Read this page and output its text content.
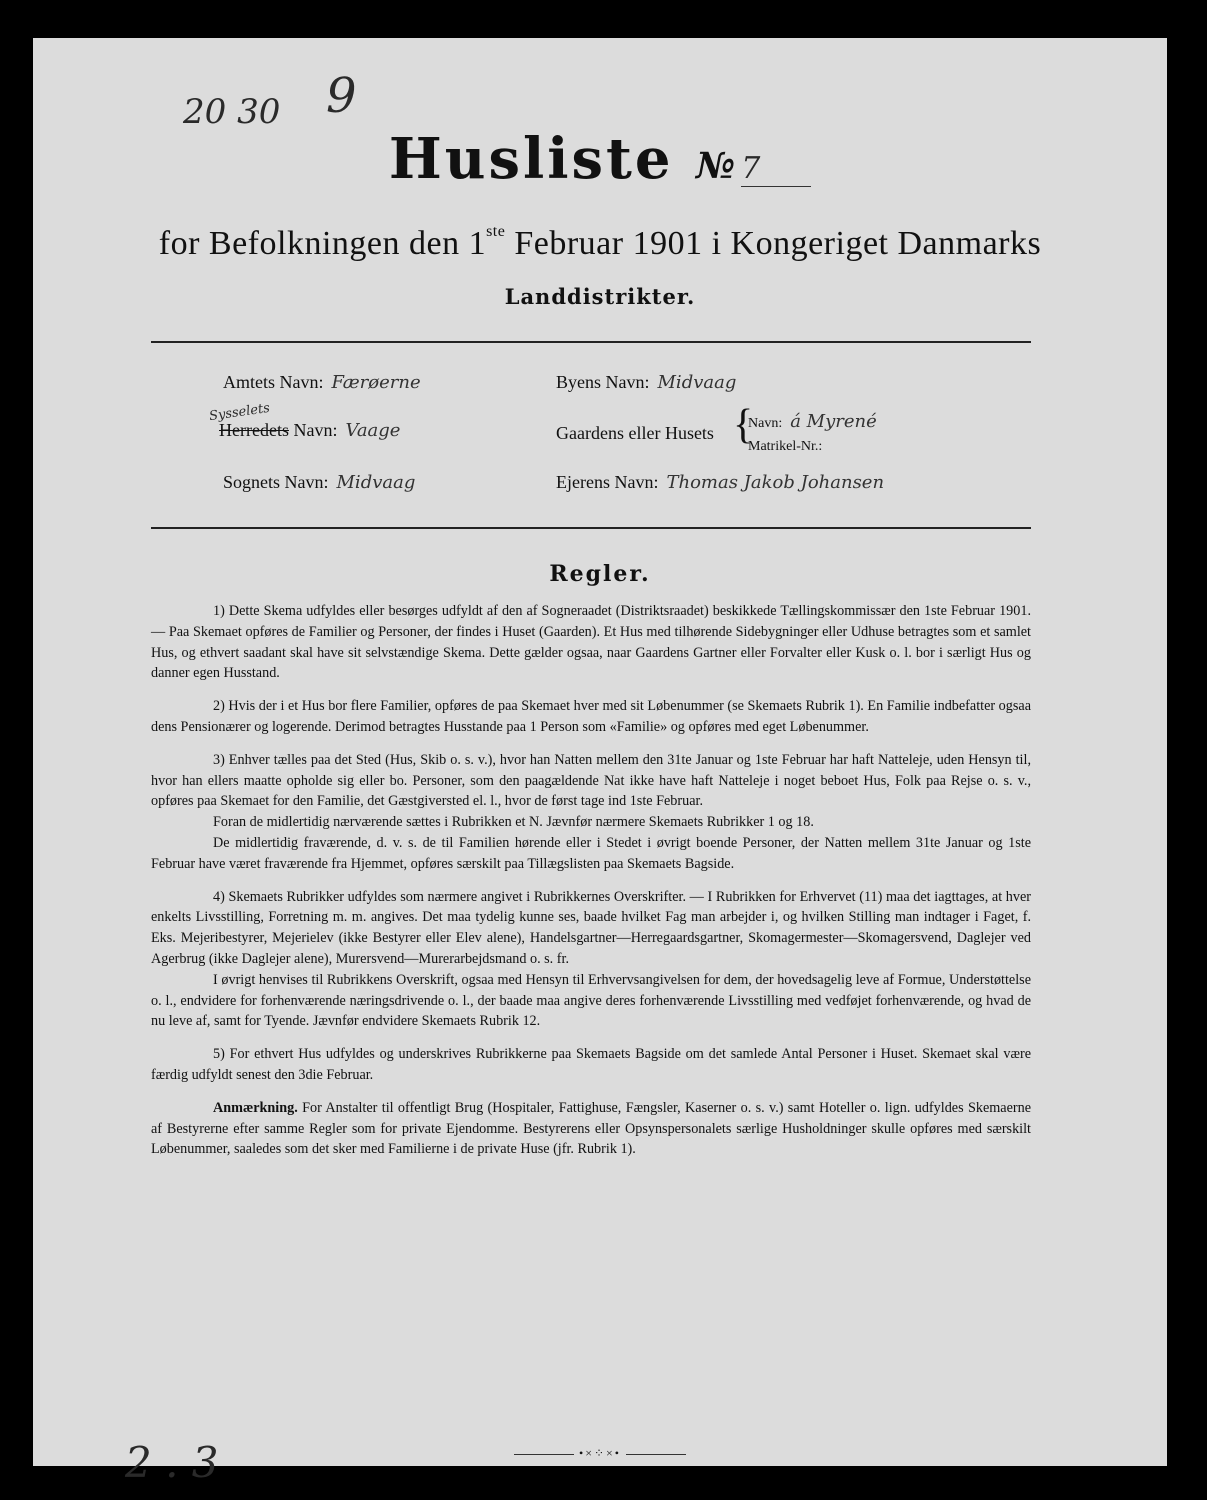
20 30 9
Husliste № 7
for Befolkningen den 1ste Februar 1901 i Kongeriget Danmarks
Landdistrikter.
Amtets Navn: Færøerne
Sysselets
Herredets Navn: Vaage
Sognets Navn: Midvaag
Byens Navn: Midvaag
Gaardens eller Husets {
Navn: á Myrené
Matrikel-Nr.:
Ejerens Navn: Thomas Jakob Johansen
Regler.

1) Dette Skema udfyldes eller besørges udfyldt af den af Sogneraadet (Distriktsraadet) beskikkede Tællingskommissær den 1ste Februar 1901. — Paa Skemaet opføres de Familier og Personer, der findes i Huset (Gaarden). Et Hus med tilhørende Sidebygninger eller Udhuse betragtes som et samlet Hus, og ethvert saadant skal have sit selvstændige Skema. Dette gælder ogsaa, naar Gaardens Gartner eller Forvalter eller Kusk o. l. bor i særligt Hus og danner egen Husstand.

2) Hvis der i et Hus bor flere Familier, opføres de paa Skemaet hver med sit Løbenummer (se Skemaets Rubrik 1). En Familie indbefatter ogsaa dens Pensionærer og logerende. Derimod betragtes Husstande paa 1 Person som «Familie» og opføres med eget Løbenummer.

3) Enhver tælles paa det Sted (Hus, Skib o. s. v.), hvor han Natten mellem den 31te Januar og 1ste Februar har haft Natteleje, uden Hensyn til, hvor han ellers maatte opholde sig eller bo. Personer, som den paagældende Nat ikke have haft Natteleje i noget beboet Hus, Folk paa Rejse o. s. v., opføres paa Skemaet for den Familie, det Gæstgiversted el. l., hvor de først tage ind 1ste Februar.

Foran de midlertidig nærværende sættes i Rubrikken et N. Jævnfør nærmere Skemaets Rubrikker 1 og 18.

De midlertidig fraværende, d. v. s. de til Familien hørende eller i Stedet i øvrigt boende Personer, der Natten mellem 31te Januar og 1ste Februar have været fraværende fra Hjemmet, opføres særskilt paa Tillægslisten paa Skemaets Bagside.

4) Skemaets Rubrikker udfyldes som nærmere angivet i Rubrikkernes Overskrifter. — I Rubrikken for Erhvervet (11) maa det iagttages, at hver enkelts Livsstilling, Forretning m. m. angives. Det maa tydelig kunne ses, baade hvilket Fag man arbejder i, og hvilken Stilling man indtager i Faget, f. Eks. Mejeribestyrer, Mejerielev (ikke Bestyrer eller Elev alene), Handelsgartner—Herregaardsgartner, Skomagermester—Skomagersvend, Daglejer ved Agerbrug (ikke Daglejer alene), Murersvend—Murerarbejdsmand o. s. fr.

I øvrigt henvises til Rubrikkens Overskrift, ogsaa med Hensyn til Erhvervsangivelsen for dem, der hovedsagelig leve af Formue, Understøttelse o. l., endvidere for forhenværende næringsdrivende o. l., der baade maa angive deres forhenværende Livsstilling med vedføjet forhenværende, og hvad de nu leve af, samt for Tyende. Jævnfør endvidere Skemaets Rubrik 12.

5) For ethvert Hus udfyldes og underskrives Rubrikkerne paa Skemaets Bagside om det samlede Antal Personer i Huset. Skemaet skal være færdig udfyldt senest den 3die Februar.

Anmærkning. For Anstalter til offentligt Brug (Hospitaler, Fattighuse, Fængsler, Kaserner o. s. v.) samt Hoteller o. lign. udfyldes Skemaerne af Bestyrerne efter samme Regler som for private Ejendomme. Bestyrerens eller Opsynspersonalets særlige Husholdninger skulle opføres med særskilt Løbenummer, saaledes som det sker med Familierne i de private Huse (jfr. Rubrik 1).

•×⁘×•
2 . 3
